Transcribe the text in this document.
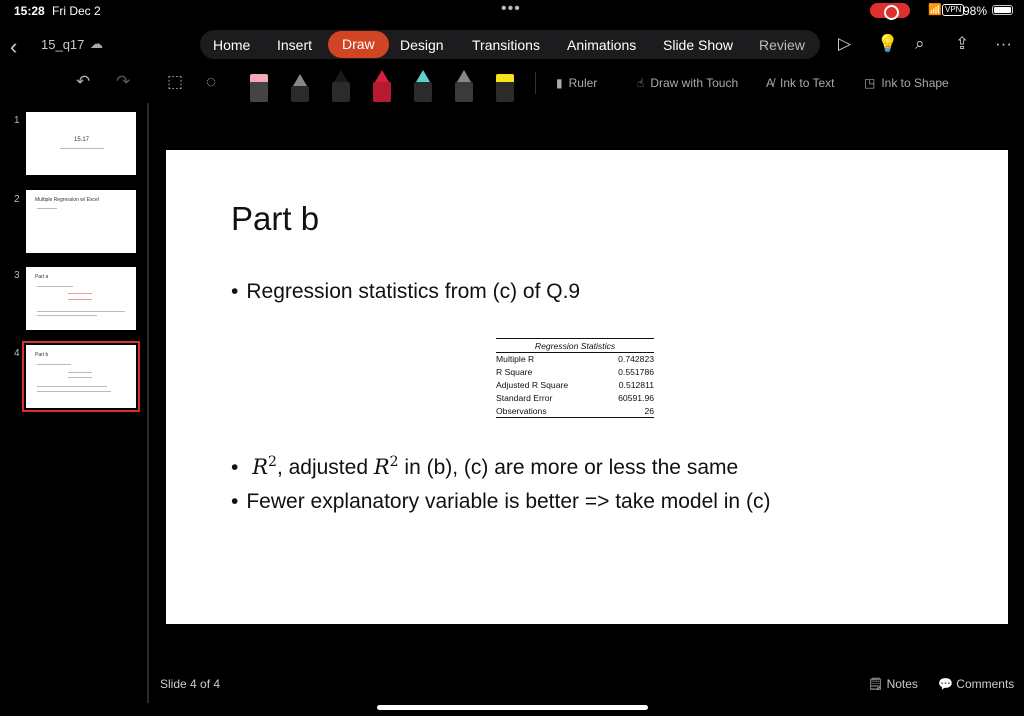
15:28 Fri Dec 2	•••	📶 VPN 98%
‹ 15_q17 ☁	Home Insert	Draw	Design Transitions Animations Slide Show Review ▷ 💡 ⌕ ⇪ ···
↶ ↷ ⬚ ◌	▮ Ruler	☝ Draw with Touch A̸ Ink to Text ◳ Ink to Shape
1
15.17
2	Multiple Regression w/ Excel
3	Part a
4	Part b
Part b
• Regression statistics from (c) of Q.9
Regression Statistics	
Multiple R	0.742823
R Square	0.551786
Adjusted R Square	0.512811
Standard Error	60591.96
Observations	26
• $R^2$, adjusted $R^2$ in (b), (c) are more or less the same
• Fewer explanatory variable is better => take model in (c)
Slide 4 of 4	🗒 Notes 💬 Comments
